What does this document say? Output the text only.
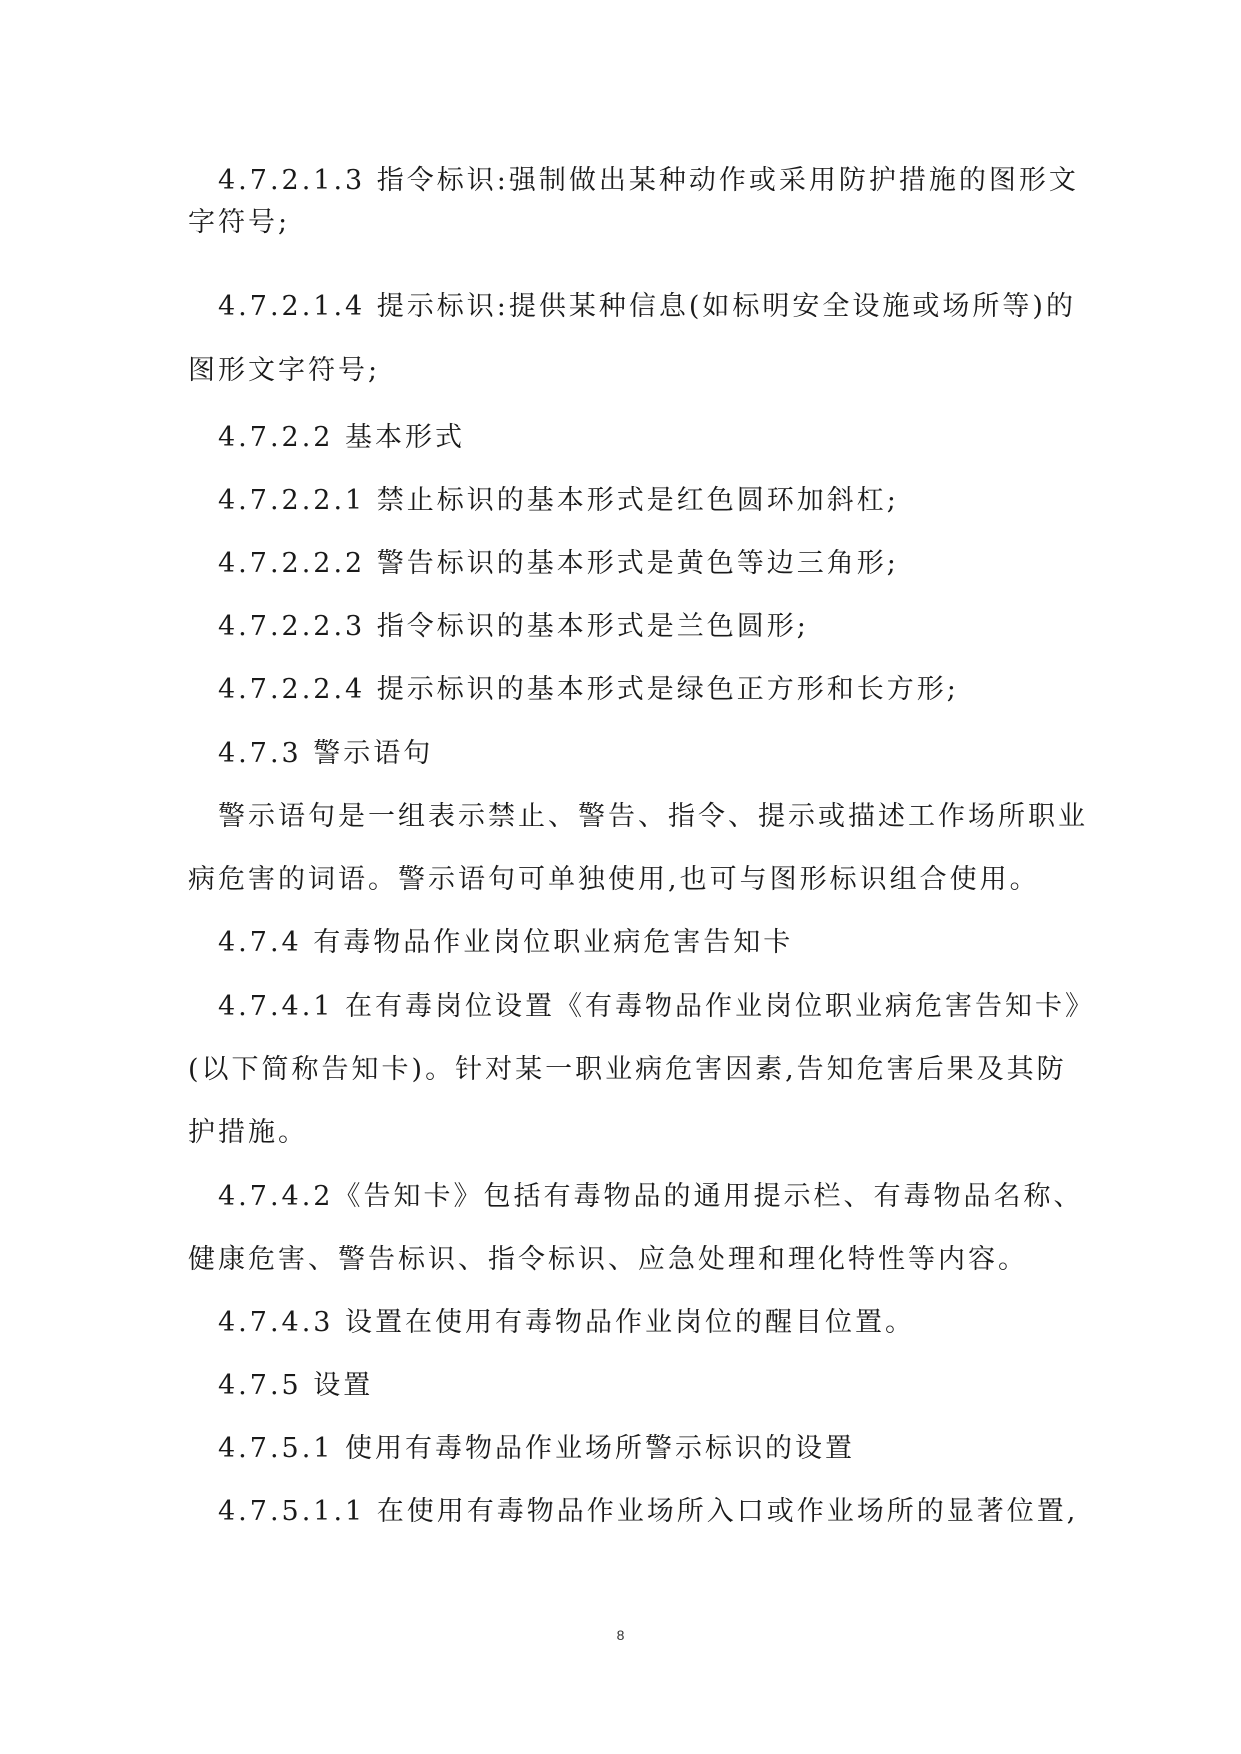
4.7.2.1.3 指令标识:强制做出某种动作或采用防护措施的图形文
字符号;
4.7.2.1.4 提示标识:提供某种信息(如标明安全设施或场所等)的
图形文字符号;
4.7.2.2 基本形式
4.7.2.2.1 禁止标识的基本形式是红色圆环加斜杠;
4.7.2.2.2 警告标识的基本形式是黄色等边三角形;
4.7.2.2.3 指令标识的基本形式是兰色圆形;
4.7.2.2.4 提示标识的基本形式是绿色正方形和长方形;
4.7.3 警示语句
警示语句是一组表示禁止、警告、指令、提示或描述工作场所职业
病危害的词语。警示语句可单独使用,也可与图形标识组合使用。
4.7.4 有毒物品作业岗位职业病危害告知卡
4.7.4.1 在有毒岗位设置《有毒物品作业岗位职业病危害告知卡》
(以下简称告知卡)。针对某一职业病危害因素,告知危害后果及其防
护措施。
4.7.4.2《告知卡》包括有毒物品的通用提示栏、有毒物品名称、
健康危害、警告标识、指令标识、应急处理和理化特性等内容。
4.7.4.3 设置在使用有毒物品作业岗位的醒目位置。
4.7.5 设置
4.7.5.1 使用有毒物品作业场所警示标识的设置
4.7.5.1.1 在使用有毒物品作业场所入口或作业场所的显著位置,
8
